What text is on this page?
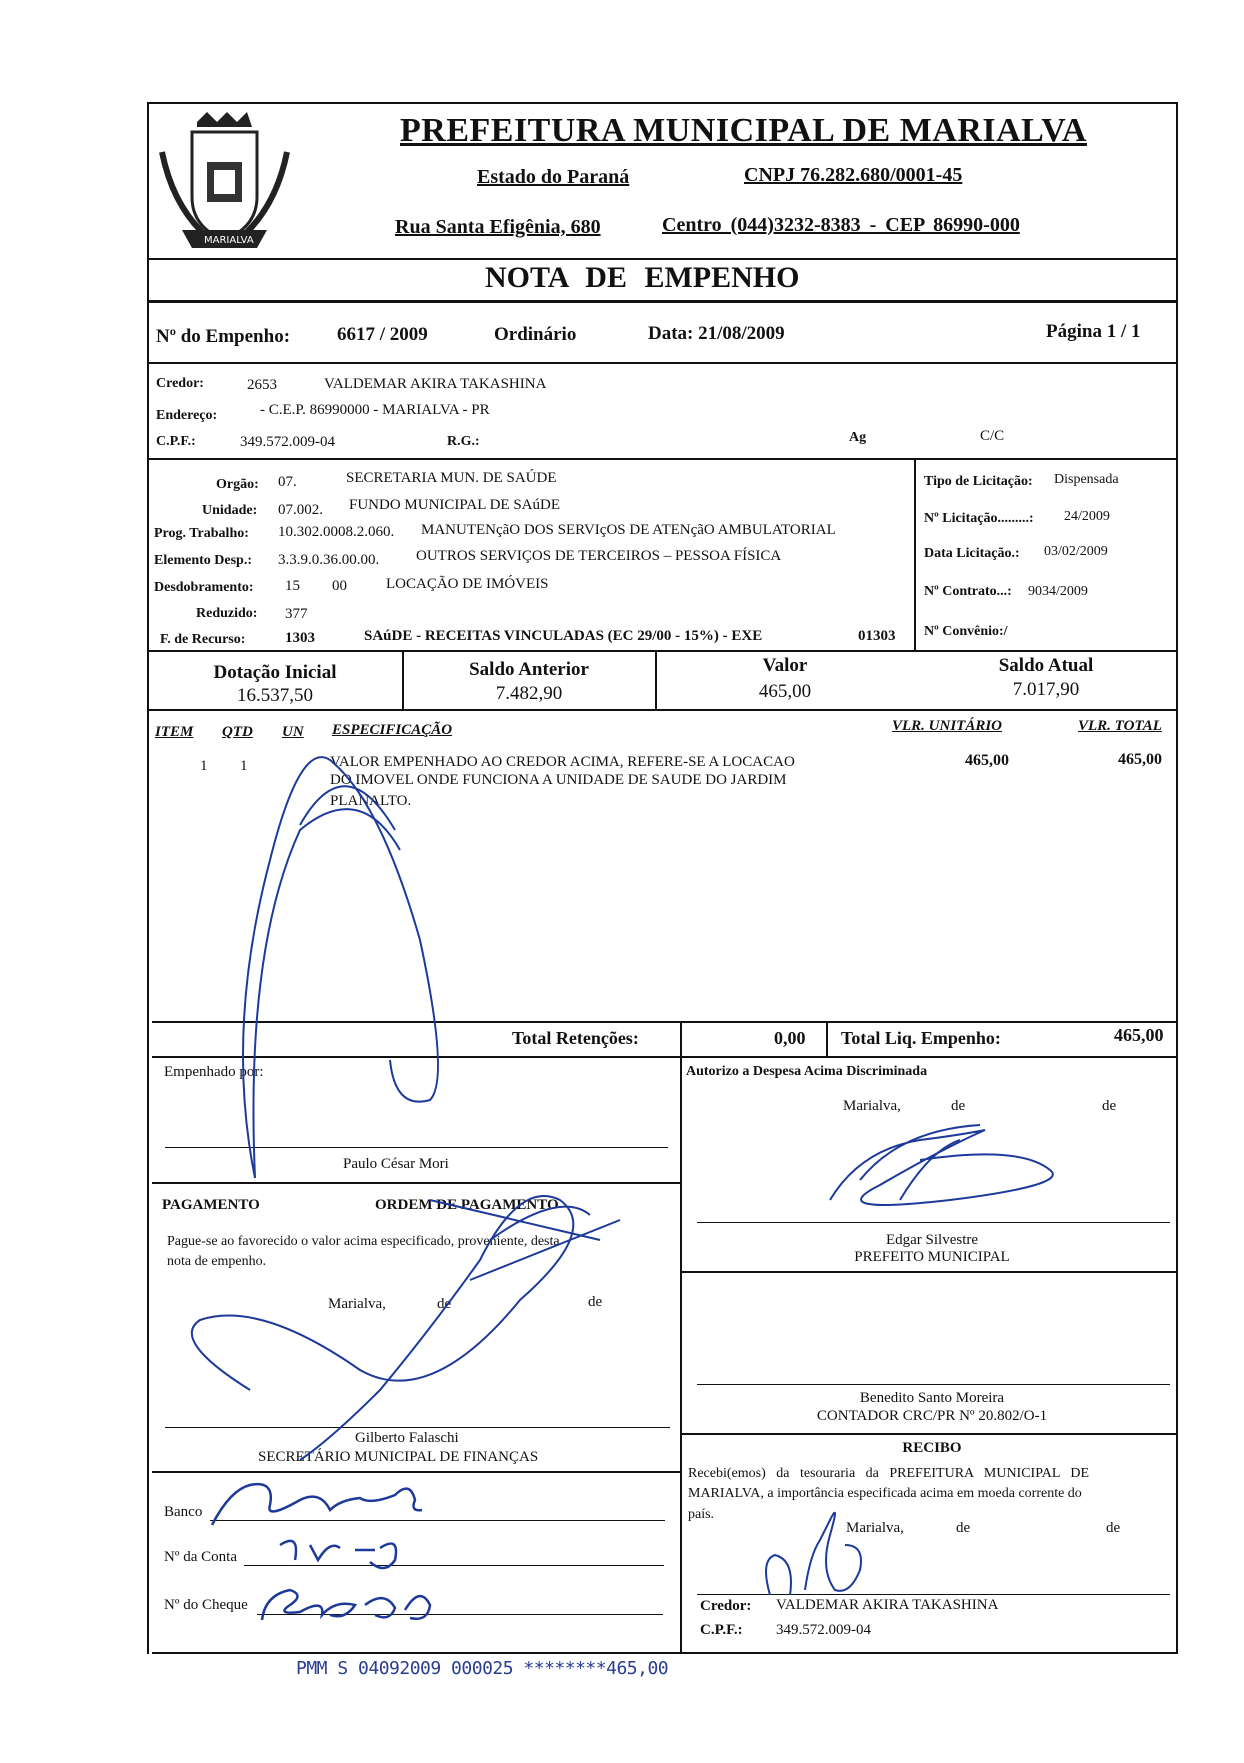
MARIALVA
PREFEITURA MUNICIPAL DE MARIALVA
Estado do Paraná	CNPJ 76.282.680/0001-45
Rua Santa Efigênia, 680	Centro (044)3232-8383 - CEP 86990-000
NOTA DE EMPENHO
Nº do Empenho: 6617 / 2009	Ordinário	Data: 21/08/2009	Página 1 / 1
Credor:	2653	VALDEMAR AKIRA TAKASHINA
Endereço:	- C.E.P. 86990000 - MARIALVA - PR
C.P.F.:	349.572.009-04	R.G.:	Ag	C/C
Orgão: 07.	SECRETARIA MUN. DE SAÚDE
Unidade: 07.002. FUNDO MUNICIPAL DE SAúDE
Prog. Trabalho: 10.302.0008.2.060. MANUTENçãO DOS SERVIçOS DE ATENçãO AMBULATORIAL
Elemento Desp.: 3.3.9.0.36.00.00. OUTROS SERVIÇOS DE TERCEIROS – PESSOA FÍSICA
Desdobramento: 15 00	LOCAÇÃO DE IMÓVEIS
Reduzido: 377
F. de Recurso:	1303	SAúDE - RECEITAS VINCULADAS (EC 29/00 - 15%) - EXE	01303
Tipo de Licitação: Dispensada
Nº Licitação.........: 24/2009
Data Licitação.: 03/02/2009
Nº Contrato...: 9034/2009
Nº Convênio:/
Dotação Inicial
16.537,50
Saldo Anterior
7.482,90
Valor
465,00
Saldo Atual
7.017,90
ITEM QTD UN ESPECIFICAÇÃO	VLR. UNITÁRIO	VLR. TOTAL
1 1	VALOR EMPENHADO AO CREDOR ACIMA, REFERE-SE A LOCACAO
DO IMOVEL ONDE FUNCIONA A UNIDADE DE SAUDE DO JARDIM
PLANALTO.
465,00	465,00
Total Retenções:	0,00 Total Liq. Empenho:	465,00
Empenhado por:
Paulo César Mori
PAGAMENTO	ORDEM DE PAGAMENTO
Pague-se ao favorecido o valor acima especificado, proveniente, desta
nota de empenho.
Marialva,	de	de
Gilberto Falaschi
SECRETÁRIO MUNICIPAL DE FINANÇAS
Banco
Nº da Conta
Nº do Cheque
Autorizo a Despesa Acima Discriminada
Marialva,	de	de
Edgar Silvestre
PREFEITO MUNICIPAL
Benedito Santo Moreira
CONTADOR CRC/PR Nº 20.802/O-1
RECIBO
Recebi(emos) da tesouraria da PREFEITURA MUNICIPAL DE
MARIALVA, a importância especificada acima em moeda corrente do
país.
Marialva,	de	de
Credor: VALDEMAR AKIRA TAKASHINA
C.P.F.: 349.572.009-04
PMM S 04092009 000025 ********465,00
